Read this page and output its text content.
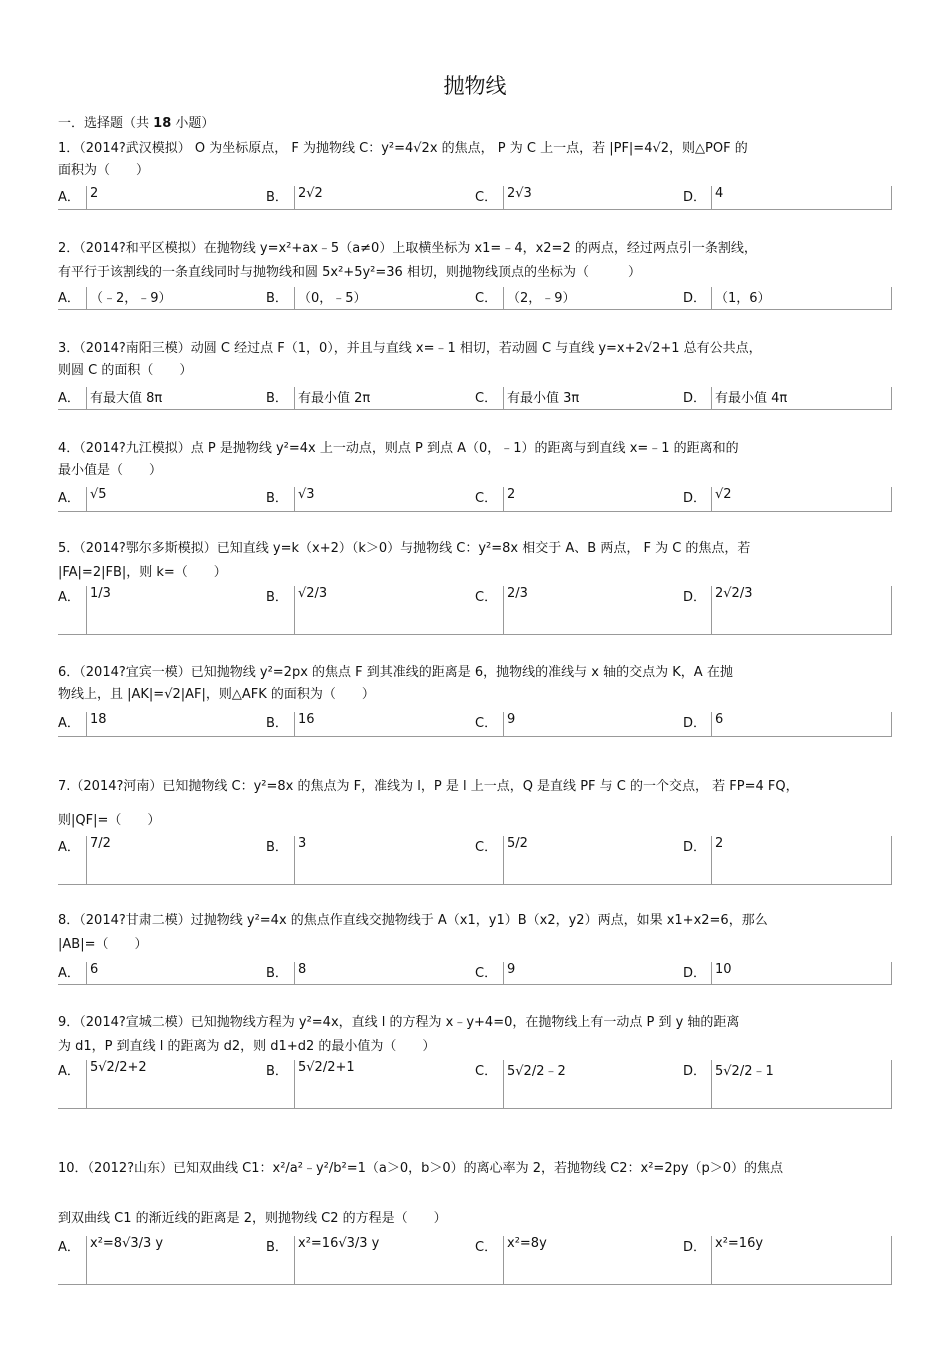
抛物线
一．选择题（共 18 小题）
1．（2014?武汉模拟） O 为坐标原点， F 为抛物线 C：y²=4√2x 的焦点， P 为 C 上一点，若 |PF|=4√2，则△POF 的
面积为（　　）
A． 2	B． 2√2	C． 2√3	D． 4
2．（2014?和平区模拟）在抛物线 y=x²+ax﹣5（a≠0）上取横坐标为 x1=﹣4，x2=2 的两点，经过两点引一条割线，
有平行于该割线的一条直线同时与抛物线和圆 5x²+5y²=36 相切，则抛物线顶点的坐标为（　　　）
A． （﹣2，﹣9）	B． （0，﹣5）	C． （2，﹣9）	D． （1，6）
3．（2014?南阳三模）动圆 C 经过点 F（1，0），并且与直线 x=﹣1 相切，若动圆 C 与直线 y=x+2√2+1 总有公共点，
则圆 C 的面积（　　）
A． 有最大值 8π	B． 有最小值 2π	C． 有最小值 3π	D． 有最小值 4π
4．（2014?九江模拟）点 P 是抛物线 y²=4x 上一动点，则点 P 到点 A（0，﹣1）的距离与到直线 x=﹣1 的距离和的
最小值是（　　）
A． √5	B． √3	C． 2	D． √2
5．（2014?鄂尔多斯模拟）已知直线 y=k（x+2）（k＞0）与抛物线 C：y²=8x 相交于 A、B 两点， F 为 C 的焦点，若
|FA|=2|FB|，则 k=（　　）
A． 1/3	B． √2/3	C． 2/3	D． 2√2/3
6．（2014?宜宾一模）已知抛物线 y²=2px 的焦点 F 到其准线的距离是 6，抛物线的准线与 x 轴的交点为 K，A 在抛
物线上，且 |AK|=√2|AF|，则△AFK 的面积为（　　）
A． 18	B． 16	C． 9	D． 6
7.（2014?河南）已知抛物线 C：y²=8x 的焦点为 F，准线为 l，P 是 l 上一点，Q 是直线 PF 与 C 的一个交点， 若 FP=4 FQ，
则|QF|=（　　）
A． 7/2	B． 3	C． 5/2	D． 2
8．（2014?甘肃二模）过抛物线 y²=4x 的焦点作直线交抛物线于 A（x1，y1）B（x2，y2）两点，如果 x1+x2=6，那么
|AB|=（　　）
A． 6	B． 8	C． 9	D． 10
9．（2014?宣城二模）已知抛物线方程为 y²=4x，直线 l 的方程为 x﹣y+4=0，在抛物线上有一动点 P 到 y 轴的距离
为 d1，P 到直线 l 的距离为 d2，则 d1+d2 的最小值为（　　）
A． 5√2/2+2	B． 5√2/2+1	C． 5√2/2﹣2	D． 5√2/2﹣1
10．（2012?山东）已知双曲线 C1：x²/a²﹣y²/b²=1（a＞0，b＞0）的离心率为 2，若抛物线 C2：x²=2py（p＞0）的焦点
到双曲线 C1 的渐近线的距离是 2，则抛物线 C2 的方程是（　　）
A． x²=8√3/3 y	B． x²=16√3/3 y	C． x²=8y	D． x²=16y
